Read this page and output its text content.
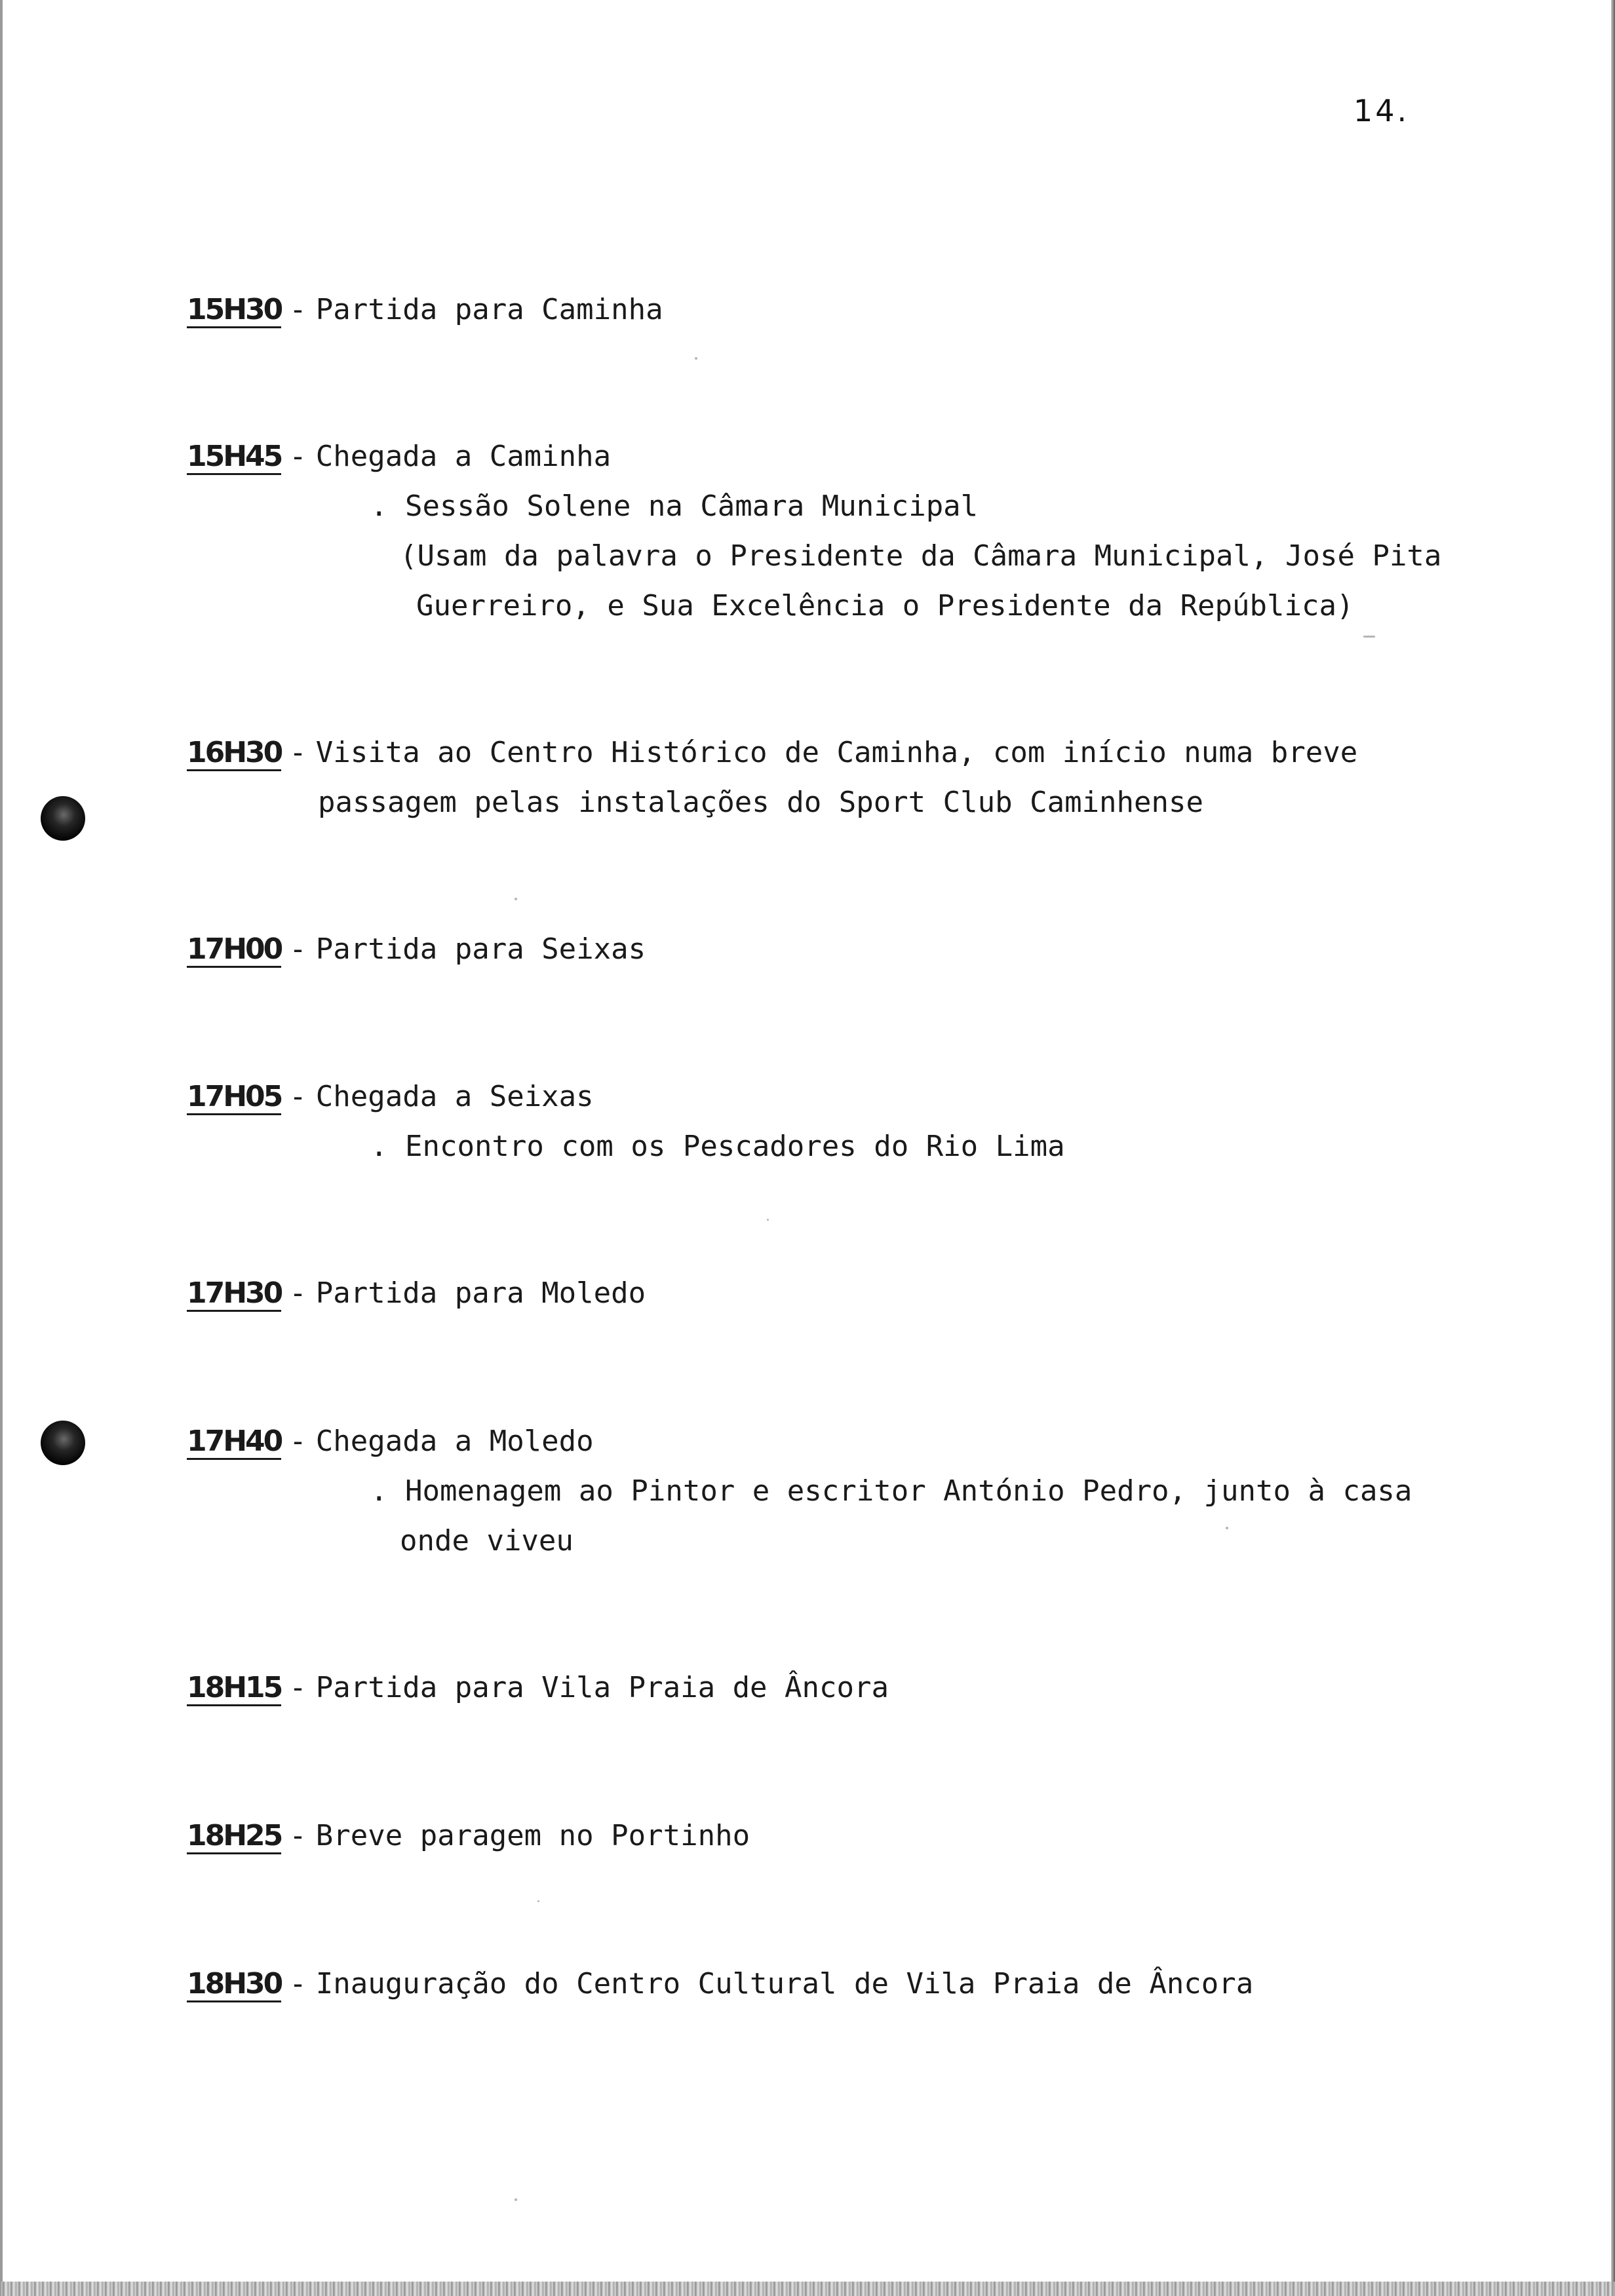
14.
15H30 - Partida para Caminha
15H45 - Chegada a Caminha
. Sessão Solene na Câmara Municipal
(Usam da palavra o Presidente da Câmara Municipal, José Pita
Guerreiro, e Sua Excelência o Presidente da República)
16H30 - Visita ao Centro Histórico de Caminha, com início numa breve
passagem pelas instalações do Sport Club Caminhense
17H00 - Partida para Seixas
17H05 - Chegada a Seixas
. Encontro com os Pescadores do Rio Lima
17H30 - Partida para Moledo
17H40 - Chegada a Moledo
. Homenagem ao Pintor e escritor António Pedro, junto à casa
onde viveu
18H15 - Partida para Vila Praia de Âncora
18H25 - Breve paragem no Portinho
18H30 - Inauguração do Centro Cultural de Vila Praia de Âncora
